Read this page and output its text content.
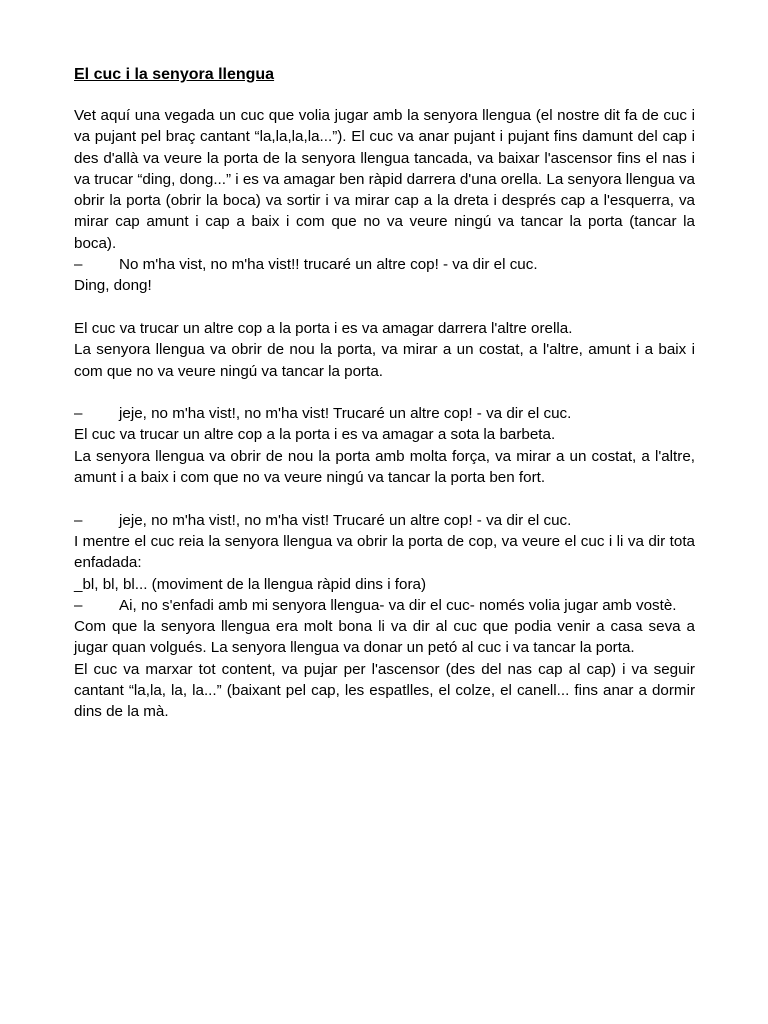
El cuc i la senyora llengua

Vet aquí una vegada un cuc que volia jugar amb la senyora llengua (el nostre dit fa de cuc i va pujant pel braç cantant “la,la,la,la...”). El cuc va anar pujant i pujant fins damunt del cap i des d'allà va veure la porta de la senyora llengua tancada, va baixar l'ascensor fins el nas i va trucar “ding, dong...” i es va amagar ben ràpid darrera d'una orella. La senyora llengua va obrir la porta (obrir la boca) va sortir i va mirar cap a la dreta i després cap a l'esquerra, va mirar cap amunt i cap a baix i com que no va veure ningú va tancar la porta (tancar la boca).

–	No m'ha vist, no m'ha vist!! trucaré un altre cop! - va dir el cuc.

Ding, dong!

El cuc va trucar un altre cop a la porta i es va amagar darrera l'altre orella.

La senyora llengua va obrir de nou la porta, va mirar a un costat, a l'altre, amunt i a baix i com que no va veure ningú va tancar la porta.

–	jeje, no m'ha vist!, no m'ha vist! Trucaré un altre cop! - va dir el cuc.

El cuc va trucar un altre cop a la porta i es va amagar a sota la barbeta.

La senyora llengua va obrir de nou la porta amb molta força, va mirar a un costat, a l'altre, amunt i a baix i com que no va veure ningú va tancar la porta ben fort.

–	jeje, no m'ha vist!, no m'ha vist! Trucaré un altre cop! - va dir el cuc.

I mentre el cuc reia la senyora llengua va obrir la porta de cop, va veure el cuc i li va dir tota enfadada:

_bl, bl, bl... (moviment de la llengua ràpid dins i fora)

–	Ai, no s'enfadi amb mi senyora llengua- va dir el cuc- només volia jugar amb vostè.

Com que la senyora llengua era molt bona li va dir al cuc que podia venir a casa seva a jugar quan volgués. La senyora llengua va donar un petó al cuc i va tancar la porta.

El cuc va marxar tot content, va pujar per l'ascensor (des del nas cap al cap) i va seguir cantant “la,la, la, la...” (baixant pel cap, les espatlles, el colze, el canell... fins anar a dormir dins de la mà.
